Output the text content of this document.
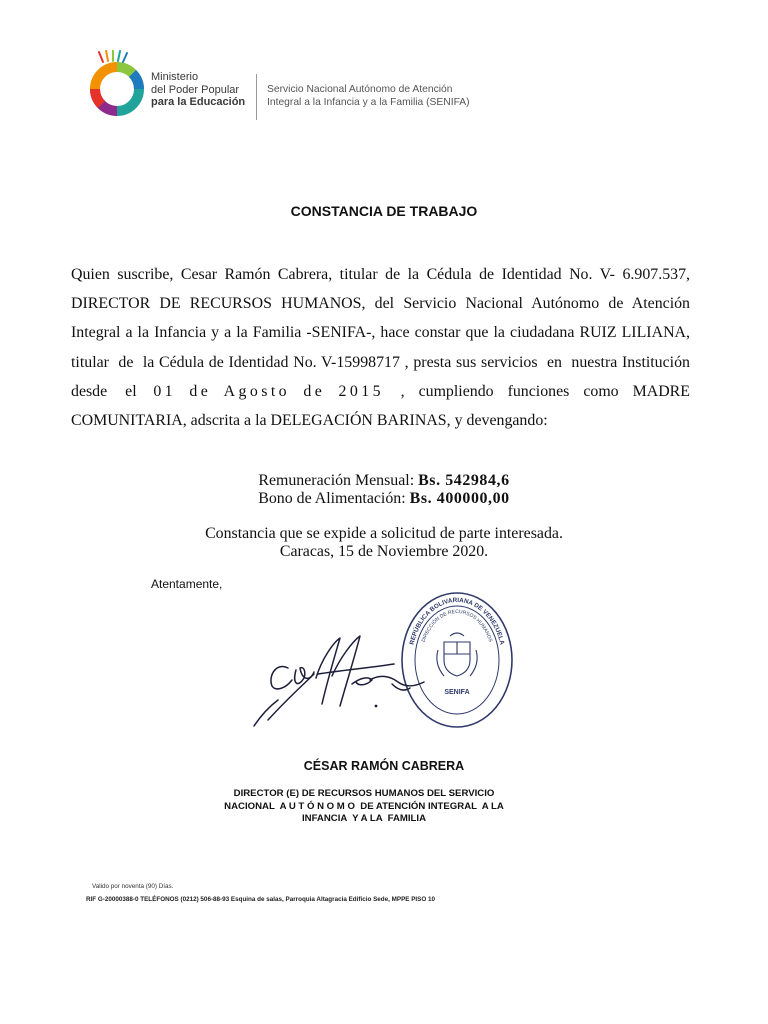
Ministerio
del Poder Popular
para la Educación
Servicio Nacional Autónomo de Atención
Integral a la Infancia y a la Familia (SENIFA)
CONSTANCIA DE TRABAJO
Quien suscribe, Cesar Ramón Cabrera, titular de la Cédula de Identidad No. V- 6.907.537,
DIRECTOR DE RECURSOS HUMANOS, del Servicio Nacional Autónomo de Atención
Integral a la Infancia y a la Familia -SENIFA-, hace constar que la ciudadana RUIZ LILIANA,
titular  de  la Cédula de Identidad No. V-15998717 , presta sus servicios  en  nuestra Institución
desde el 01 de Agosto de 2015 , cumpliendo funciones como MADRE
COMUNITARIA, adscrita a la DELEGACIÓN BARINAS, y devengando:
Remuneración Mensual: Bs. 542984,6
Bono de Alimentación: Bs. 400000,00
Constancia que se expide a solicitud de parte interesada.
Caracas, 15 de Noviembre 2020.
Atentamente,
REPÚBLICA BOLIVARIANA DE VENEZUELA
DIRECCIÓN DE RECURSOS HUMANOS
SENIFA
CÉSAR RAMÓN CABRERA
DIRECTOR (E) DE RECURSOS HUMANOS DEL SERVICIO
NACIONAL  A U T Ó N O M O  DE ATENCIÓN INTEGRAL  A LA
INFANCIA  Y A LA  FAMILIA
Valido por noventa (90) Días.
RIF G-20000388-0 TELÉFONOS (0212) 506-88-93 Esquina de salas, Parroquia Altagracia Edificio Sede, MPPE PISO 10
